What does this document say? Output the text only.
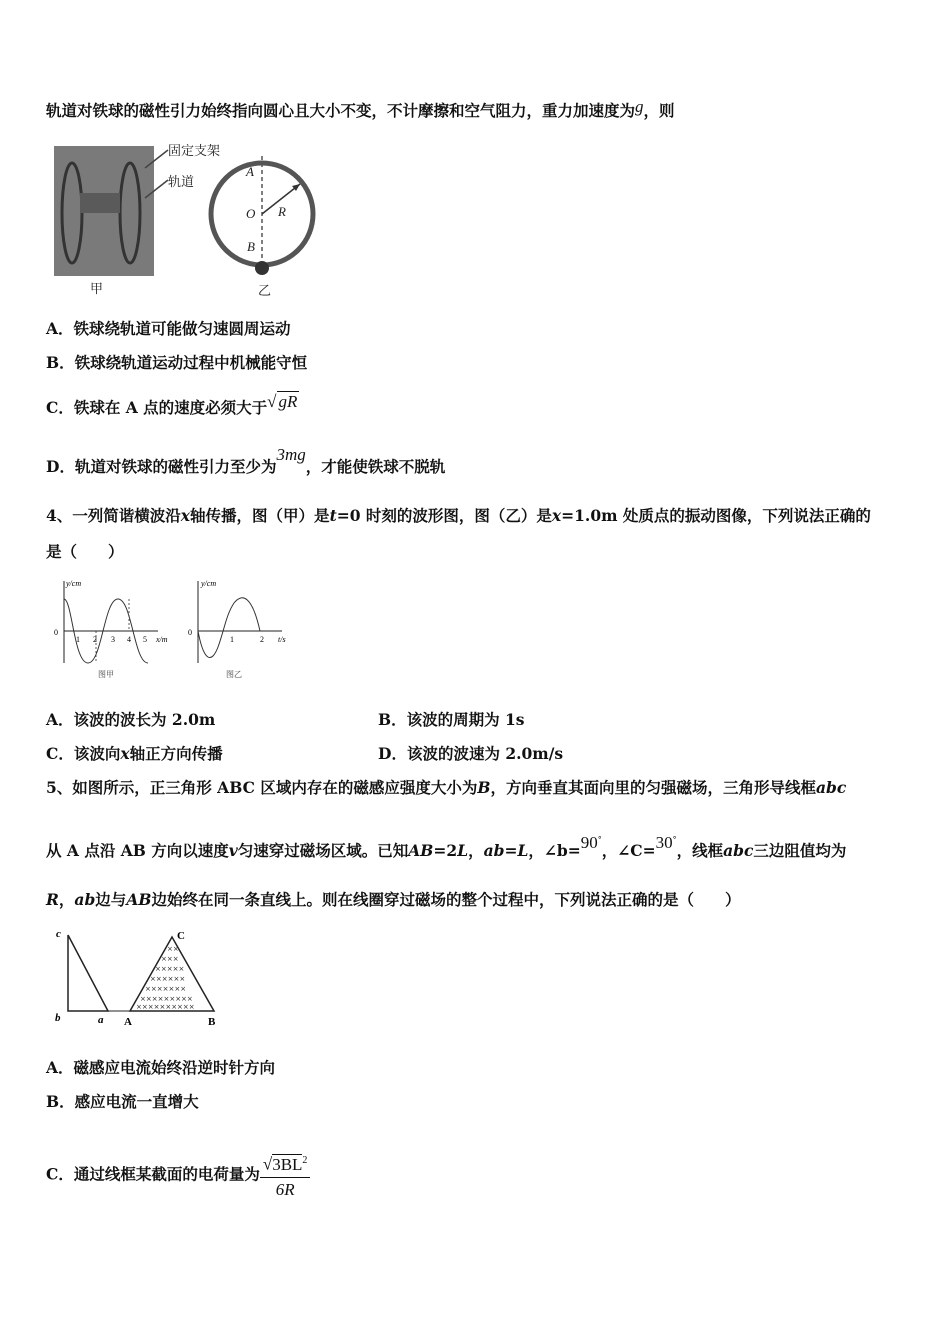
轨道对铁球的磁性引力始终指向圆心且大小不变，不计摩擦和空气阻力，重力加速度为g，则
固定支架
轨道
甲
A
O R
B
乙
A．铁球绕轨道可能做匀速圆周运动
B．铁球绕轨道运动过程中机械能守恒
C．铁球在 A 点的速度必须大于√ gR
D．轨道对铁球的磁性引力至少为3mg，才能使铁球不脱轨
4、一列简谐横波沿x轴传播，图（甲）是t=0 时刻的波形图，图（乙）是x=1.0m 处质点的振动图像，下列说法正确的
是（　　）
y/cm
0
1 2 3 4 5 x/m
图甲
y/cm
0
1	2 t/s
图乙
A．该波的波长为 2.0m	B．该波的周期为 1s
C．该波向x轴正方向传播	D．该波的波速为 2.0m/s
5、如图所示，正三角形 ABC 区域内存在的磁感应强度大小为B，方向垂直其面向里的匀强磁场，三角形导线框abc
从 A 点沿 AB 方向以速度v匀速穿过磁场区域。已知AB=2L，ab=L，∠b=90°，∠C=30°，线框abc三边阻值均为
R，ab边与AB边始终在同一条直线上。则在线圈穿过磁场的整个过程中，下列说法正确的是（　　）
××
×××
×××××
××××××
×××××××
×××××××××
××××××××××
c
b	a A	B
C
A．磁感应电流始终沿逆时针方向
B．感应电流一直增大
C．通过线框某截面的电荷量为 $\frac{√3BL^2}{6R}$
